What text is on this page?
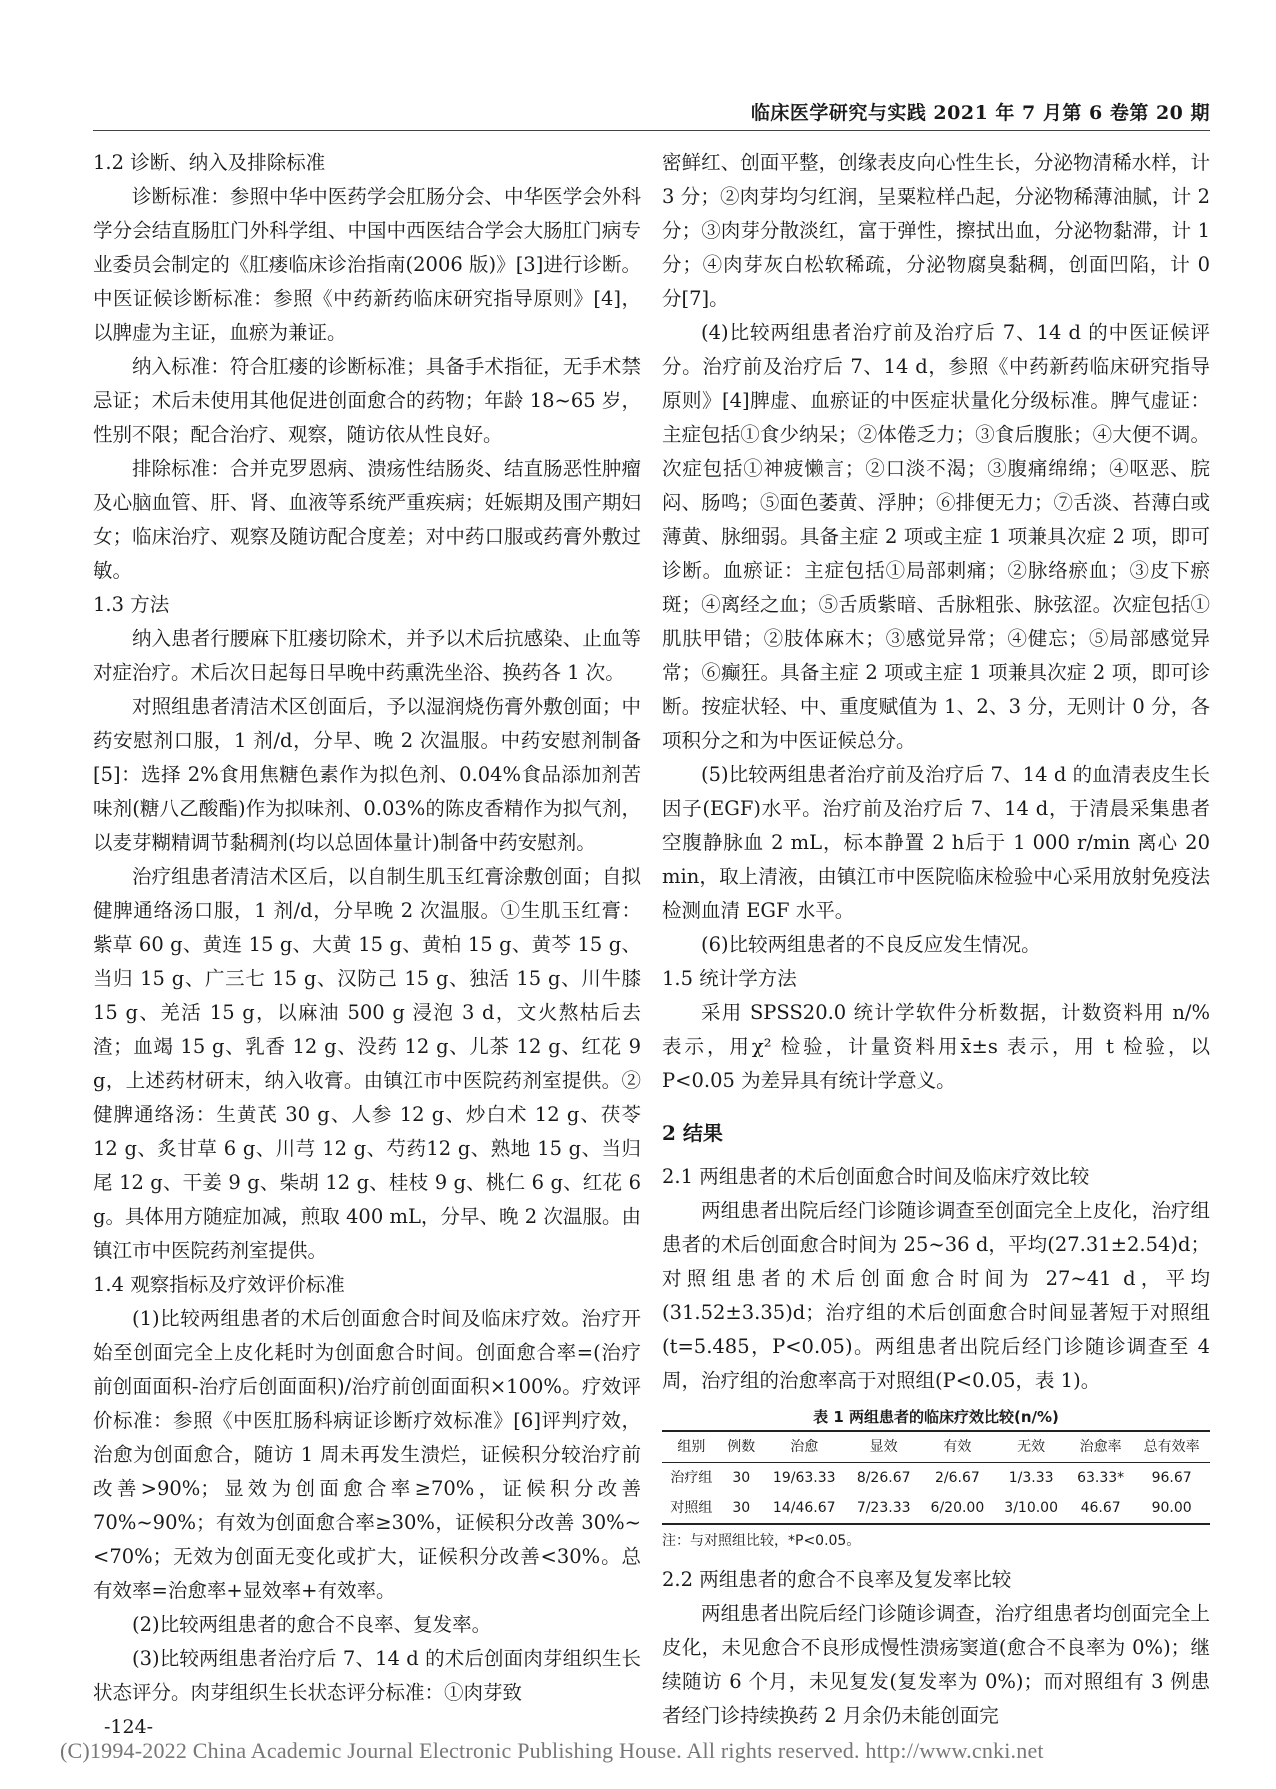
临床医学研究与实践 2021 年 7 月第 6 卷第 20 期
1.2 诊断、纳入及排除标准

诊断标准：参照中华中医药学会肛肠分会、中华医学会外科学分会结直肠肛门外科学组、中国中西医结合学会大肠肛门病专业委员会制定的《肛瘘临床诊治指南(2006 版)》[3]进行诊断。中医证候诊断标准：参照《中药新药临床研究指导原则》[4]，以脾虚为主证，血瘀为兼证。

纳入标准：符合肛瘘的诊断标准；具备手术指征，无手术禁忌证；术后未使用其他促进创面愈合的药物；年龄 18~65 岁，性别不限；配合治疗、观察，随访依从性良好。

排除标准：合并克罗恩病、溃疡性结肠炎、结直肠恶性肿瘤及心脑血管、肝、肾、血液等系统严重疾病；妊娠期及围产期妇女；临床治疗、观察及随访配合度差；对中药口服或药膏外敷过敏。

1.3 方法

纳入患者行腰麻下肛瘘切除术，并予以术后抗感染、止血等对症治疗。术后次日起每日早晚中药熏洗坐浴、换药各 1 次。

对照组患者清洁术区创面后，予以湿润烧伤膏外敷创面；中药安慰剂口服，1 剂/d，分早、晚 2 次温服。中药安慰剂制备[5]：选择 2%食用焦糖色素作为拟色剂、0.04%食品添加剂苦味剂(糖八乙酸酯)作为拟味剂、0.03%的陈皮香精作为拟气剂，以麦芽糊精调节黏稠剂(均以总固体量计)制备中药安慰剂。

治疗组患者清洁术区后，以自制生肌玉红膏涂敷创面；自拟健脾通络汤口服，1 剂/d，分早晚 2 次温服。①生肌玉红膏：紫草 60 g、黄连 15 g、大黄 15 g、黄柏 15 g、黄芩 15 g、当归 15 g、广三七 15 g、汉防己 15 g、独活 15 g、川牛膝 15 g、羌活 15 g，以麻油 500 g 浸泡 3 d，文火熬枯后去渣；血竭 15 g、乳香 12 g、没药 12 g、儿茶 12 g、红花 9 g，上述药材研末，纳入收膏。由镇江市中医院药剂室提供。②健脾通络汤：生黄芪 30 g、人参 12 g、炒白术 12 g、茯苓 12 g、炙甘草 6 g、川芎 12 g、芍药12 g、熟地 15 g、当归尾 12 g、干姜 9 g、柴胡 12 g、桂枝 9 g、桃仁 6 g、红花 6 g。具体用方随症加减，煎取 400 mL，分早、晚 2 次温服。由镇江市中医院药剂室提供。

1.4 观察指标及疗效评价标准

(1)比较两组患者的术后创面愈合时间及临床疗效。治疗开始至创面完全上皮化耗时为创面愈合时间。创面愈合率=(治疗前创面面积-治疗后创面面积)/治疗前创面面积×100%。疗效评价标准：参照《中医肛肠科病证诊断疗效标准》[6]评判疗效，治愈为创面愈合，随访 1 周未再发生溃烂，证候积分较治疗前改善>90%；显效为创面愈合率≥70%，证候积分改善70%~90%；有效为创面愈合率≥30%，证候积分改善 30%~<70%；无效为创面无变化或扩大，证候积分改善<30%。总有效率=治愈率+显效率+有效率。

(2)比较两组患者的愈合不良率、复发率。

(3)比较两组患者治疗后 7、14 d 的术后创面肉芽组织生长状态评分。肉芽组织生长状态评分标准：①肉芽致

密鲜红、创面平整，创缘表皮向心性生长，分泌物清稀水样，计 3 分；②肉芽均匀红润，呈粟粒样凸起，分泌物稀薄油腻，计 2 分；③肉芽分散淡红，富于弹性，擦拭出血，分泌物黏滞，计 1 分；④肉芽灰白松软稀疏，分泌物腐臭黏稠，创面凹陷，计 0 分[7]。

(4)比较两组患者治疗前及治疗后 7、14 d 的中医证候评分。治疗前及治疗后 7、14 d，参照《中药新药临床研究指导原则》[4]脾虚、血瘀证的中医症状量化分级标准。脾气虚证：主症包括①食少纳呆；②体倦乏力；③食后腹胀；④大便不调。次症包括①神疲懒言；②口淡不渴；③腹痛绵绵；④呕恶、脘闷、肠鸣；⑤面色萎黄、浮肿；⑥排便无力；⑦舌淡、苔薄白或薄黄、脉细弱。具备主症 2 项或主症 1 项兼具次症 2 项，即可诊断。血瘀证：主症包括①局部刺痛；②脉络瘀血；③皮下瘀斑；④离经之血；⑤舌质紫暗、舌脉粗张、脉弦涩。次症包括①肌肤甲错；②肢体麻木；③感觉异常；④健忘；⑤局部感觉异常；⑥癫狂。具备主症 2 项或主症 1 项兼具次症 2 项，即可诊断。按症状轻、中、重度赋值为 1、2、3 分，无则计 0 分，各项积分之和为中医证候总分。

(5)比较两组患者治疗前及治疗后 7、14 d 的血清表皮生长因子(EGF)水平。治疗前及治疗后 7、14 d，于清晨采集患者空腹静脉血 2 mL，标本静置 2 h后于 1 000 r/min 离心 20 min，取上清液，由镇江市中医院临床检验中心采用放射免疫法检测血清 EGF 水平。

(6)比较两组患者的不良反应发生情况。

1.5 统计学方法

采用 SPSS20.0 统计学软件分析数据，计数资料用 n/% 表示，用χ² 检验，计量资料用x̄±s 表示，用 t 检验，以 P<0.05 为差异具有统计学意义。

2 结果
2.1 两组患者的术后创面愈合时间及临床疗效比较

两组患者出院后经门诊随诊调查至创面完全上皮化，治疗组患者的术后创面愈合时间为 25~36 d，平均(27.31±2.54)d；对照组患者的术后创面愈合时间为 27~41 d，平均(31.52±3.35)d；治疗组的术后创面愈合时间显著短于对照组(t=5.485，P<0.05)。两组患者出院后经门诊随诊调查至 4 周，治疗组的治愈率高于对照组(P<0.05，表 1)。

表 1 两组患者的临床疗效比较(n/%)
组别	例数	治愈	显效	有效	无效	治愈率	总有效率
治疗组	30	19/63.33	8/26.67	2/6.67	1/3.33	63.33*	96.67
对照组	30	14/46.67	7/23.33	6/20.00	3/10.00	46.67	90.00
注：与对照组比较，*P<0.05。
2.2 两组患者的愈合不良率及复发率比较

两组患者出院后经门诊随诊调查，治疗组患者均创面完全上皮化，未见愈合不良形成慢性溃疡窦道(愈合不良率为 0%)；继续随访 6 个月，未见复发(复发率为 0%)；而对照组有 3 例患者经门诊持续换药 2 月余仍未能创面完

-124-
(C)1994-2022 China Academic Journal Electronic Publishing House. All rights reserved. http://www.cnki.net
